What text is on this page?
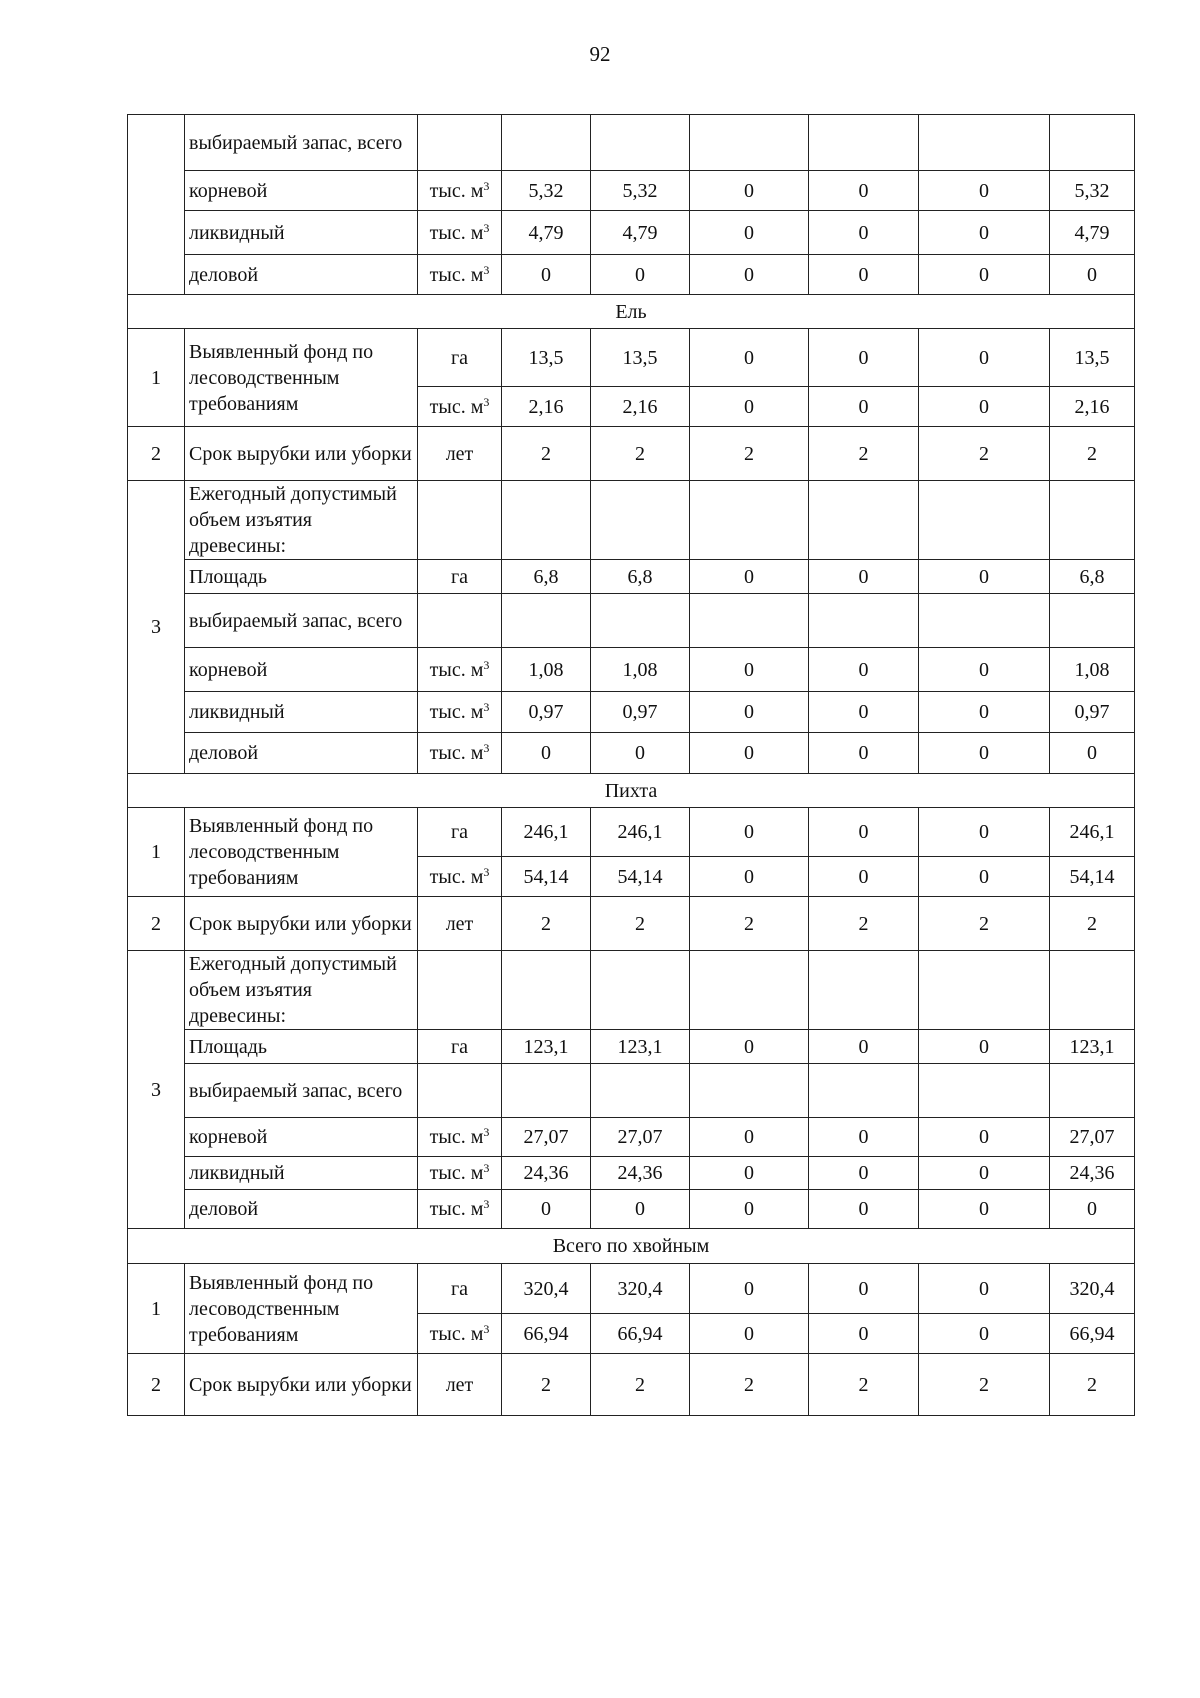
92
	выбираемый запас, всего							
	корневой	тыс. $м^3$	5,32	5,32	0	0	0	5,32
	ликвидный	тыс. $м^3$	4,79	4,79	0	0	0	4,79
	деловой	тыс. $м^3$	0	0	0	0	0	0
Ель								
1	Выявленный фонд по лесоводственным требованиям	га	13,5	13,5	0	0	0	13,5
		тыс. $м^3$	2,16	2,16	0	0	0	2,16
2	Срок вырубки или уборки	лет	2	2	2	2	2	2
3	Ежегодный допустимый объем изъятия древесины:							
	Площадь	га	6,8	6,8	0	0	0	6,8
	выбираемый запас, всего							
	корневой	тыс. $м^3$	1,08	1,08	0	0	0	1,08
	ликвидный	тыс. $м^3$	0,97	0,97	0	0	0	0,97
	деловой	тыс. $м^3$	0	0	0	0	0	0
Пихта								
1	Выявленный фонд по лесоводственным требованиям	га	246,1	246,1	0	0	0	246,1
		тыс. $м^3$	54,14	54,14	0	0	0	54,14
2	Срок вырубки или уборки	лет	2	2	2	2	2	2
3	Ежегодный допустимый объем изъятия древесины:							
	Площадь	га	123,1	123,1	0	0	0	123,1
	выбираемый запас, всего							
	корневой	тыс. $м^3$	27,07	27,07	0	0	0	27,07
	ликвидный	тыс. $м^3$	24,36	24,36	0	0	0	24,36
	деловой	тыс. $м^3$	0	0	0	0	0	0
Всего по хвойным								
1	Выявленный фонд по лесоводственным требованиям	га	320,4	320,4	0	0	0	320,4
		тыс. $м^3$	66,94	66,94	0	0	0	66,94
2	Срок вырубки или уборки	лет	2	2	2	2	2	2
